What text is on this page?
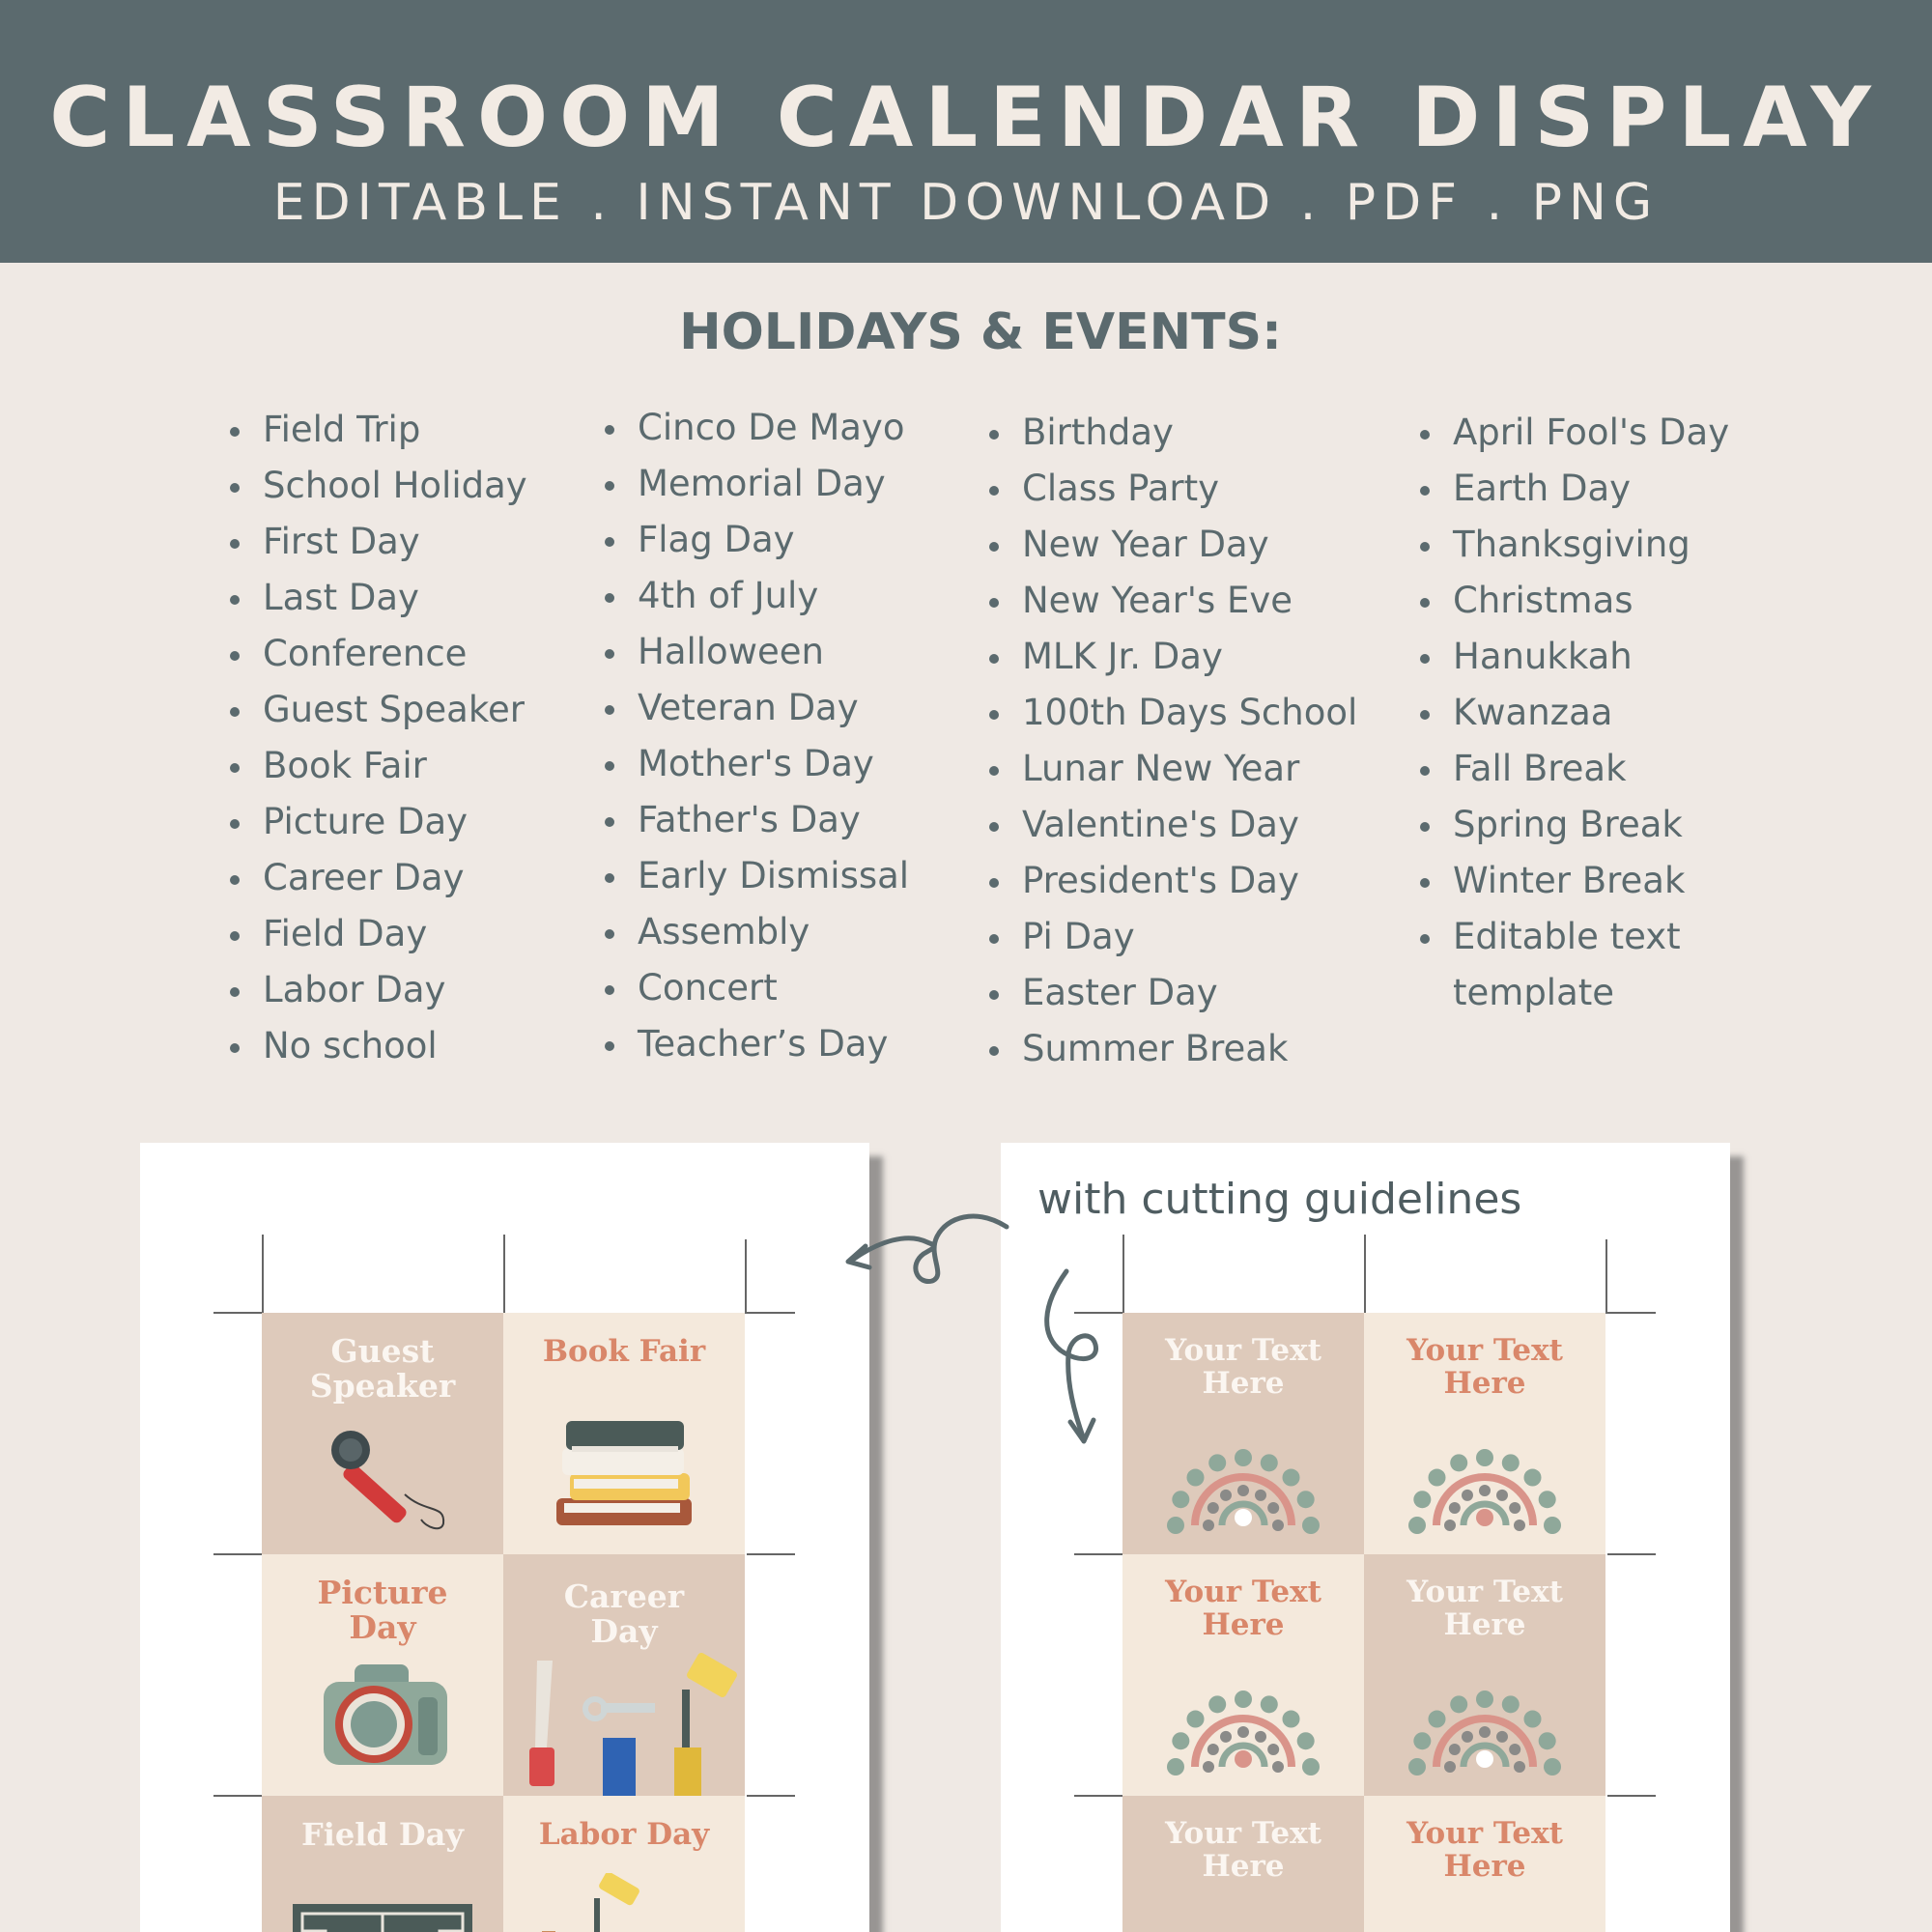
CLASSROOM CALENDAR DISPLAY
EDITABLE . INSTANT DOWNLOAD . PDF . PNG
HOLIDAYS & EVENTS:
Field Trip
School Holiday
First Day
Last Day
Conference
Guest Speaker
Book Fair
Picture Day
Career Day
Field Day
Labor Day
No school
Cinco De Mayo
Memorial Day
Flag Day
4th of July
Halloween
Veteran Day
Mother's Day
Father's Day
Early Dismissal
Assembly
Concert
Teacher’s Day
Birthday
Class Party
New Year Day
New Year's Eve
MLK Jr. Day
100th Days School
Lunar New Year
Valentine's Day
President's Day
Pi Day
Easter Day
Summer Break
April Fool's Day
Earth Day
Thanksgiving
Christmas
Hanukkah
Kwanzaa
Fall Break
Spring Break
Winter Break
Editable text
template
Guest Speaker
Book Fair
Picture Day
Career Day
Field Day	Labor Day
Your Text Here
Your Text Here
Your Text Here
Your Text Here
Your Text Here
Your Text Here
with cutting guidelines
